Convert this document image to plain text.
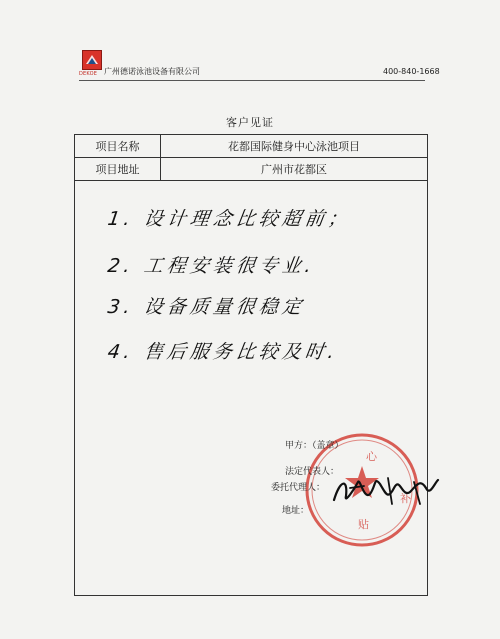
DEKOE 广州德诺泳池设备有限公司	400-840-1668
客户见证
项目名称	花都国际健身中心泳池项目
项目地址	广州市花都区
1. 设计理念比较超前；
2. 工程安装很专业.
3. 设备质量很稳定
4. 售后服务比较及时.
心
贴
补
甲方：（盖章）
法定代表人：
委托代理人：
地址：
